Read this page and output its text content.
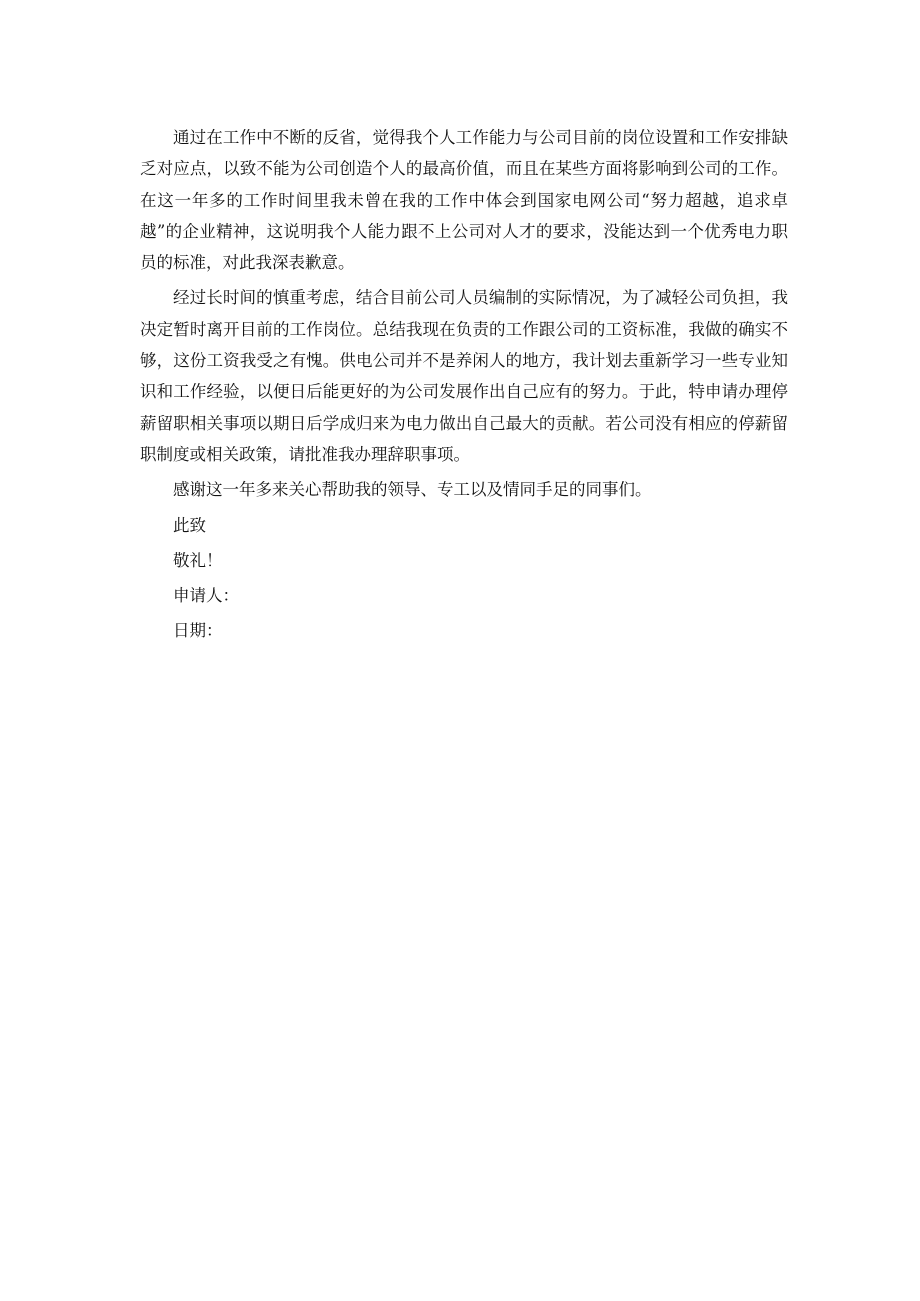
通过在工作中不断的反省，觉得我个人工作能力与公司目前的岗位设置和工作安排缺乏对应点，以致不能为公司创造个人的最高价值，而且在某些方面将影响到公司的工作。在这一年多的工作时间里我未曾在我的工作中体会到国家电网公司“努力超越，追求卓越”的企业精神，这说明我个人能力跟不上公司对人才的要求，没能达到一个优秀电力职员的标准，对此我深表歉意。

经过长时间的慎重考虑，结合目前公司人员编制的实际情况，为了减轻公司负担，我决定暂时离开目前的工作岗位。总结我现在负责的工作跟公司的工资标准，我做的确实不够，这份工资我受之有愧。供电公司并不是养闲人的地方，我计划去重新学习一些专业知识和工作经验，以便日后能更好的为公司发展作出自己应有的努力。于此，特申请办理停薪留职相关事项以期日后学成归来为电力做出自己最大的贡献。若公司没有相应的停薪留职制度或相关政策，请批准我办理辞职事项。

感谢这一年多来关心帮助我的领导、专工以及情同手足的同事们。

此致

敬礼！

申请人：

日期：
